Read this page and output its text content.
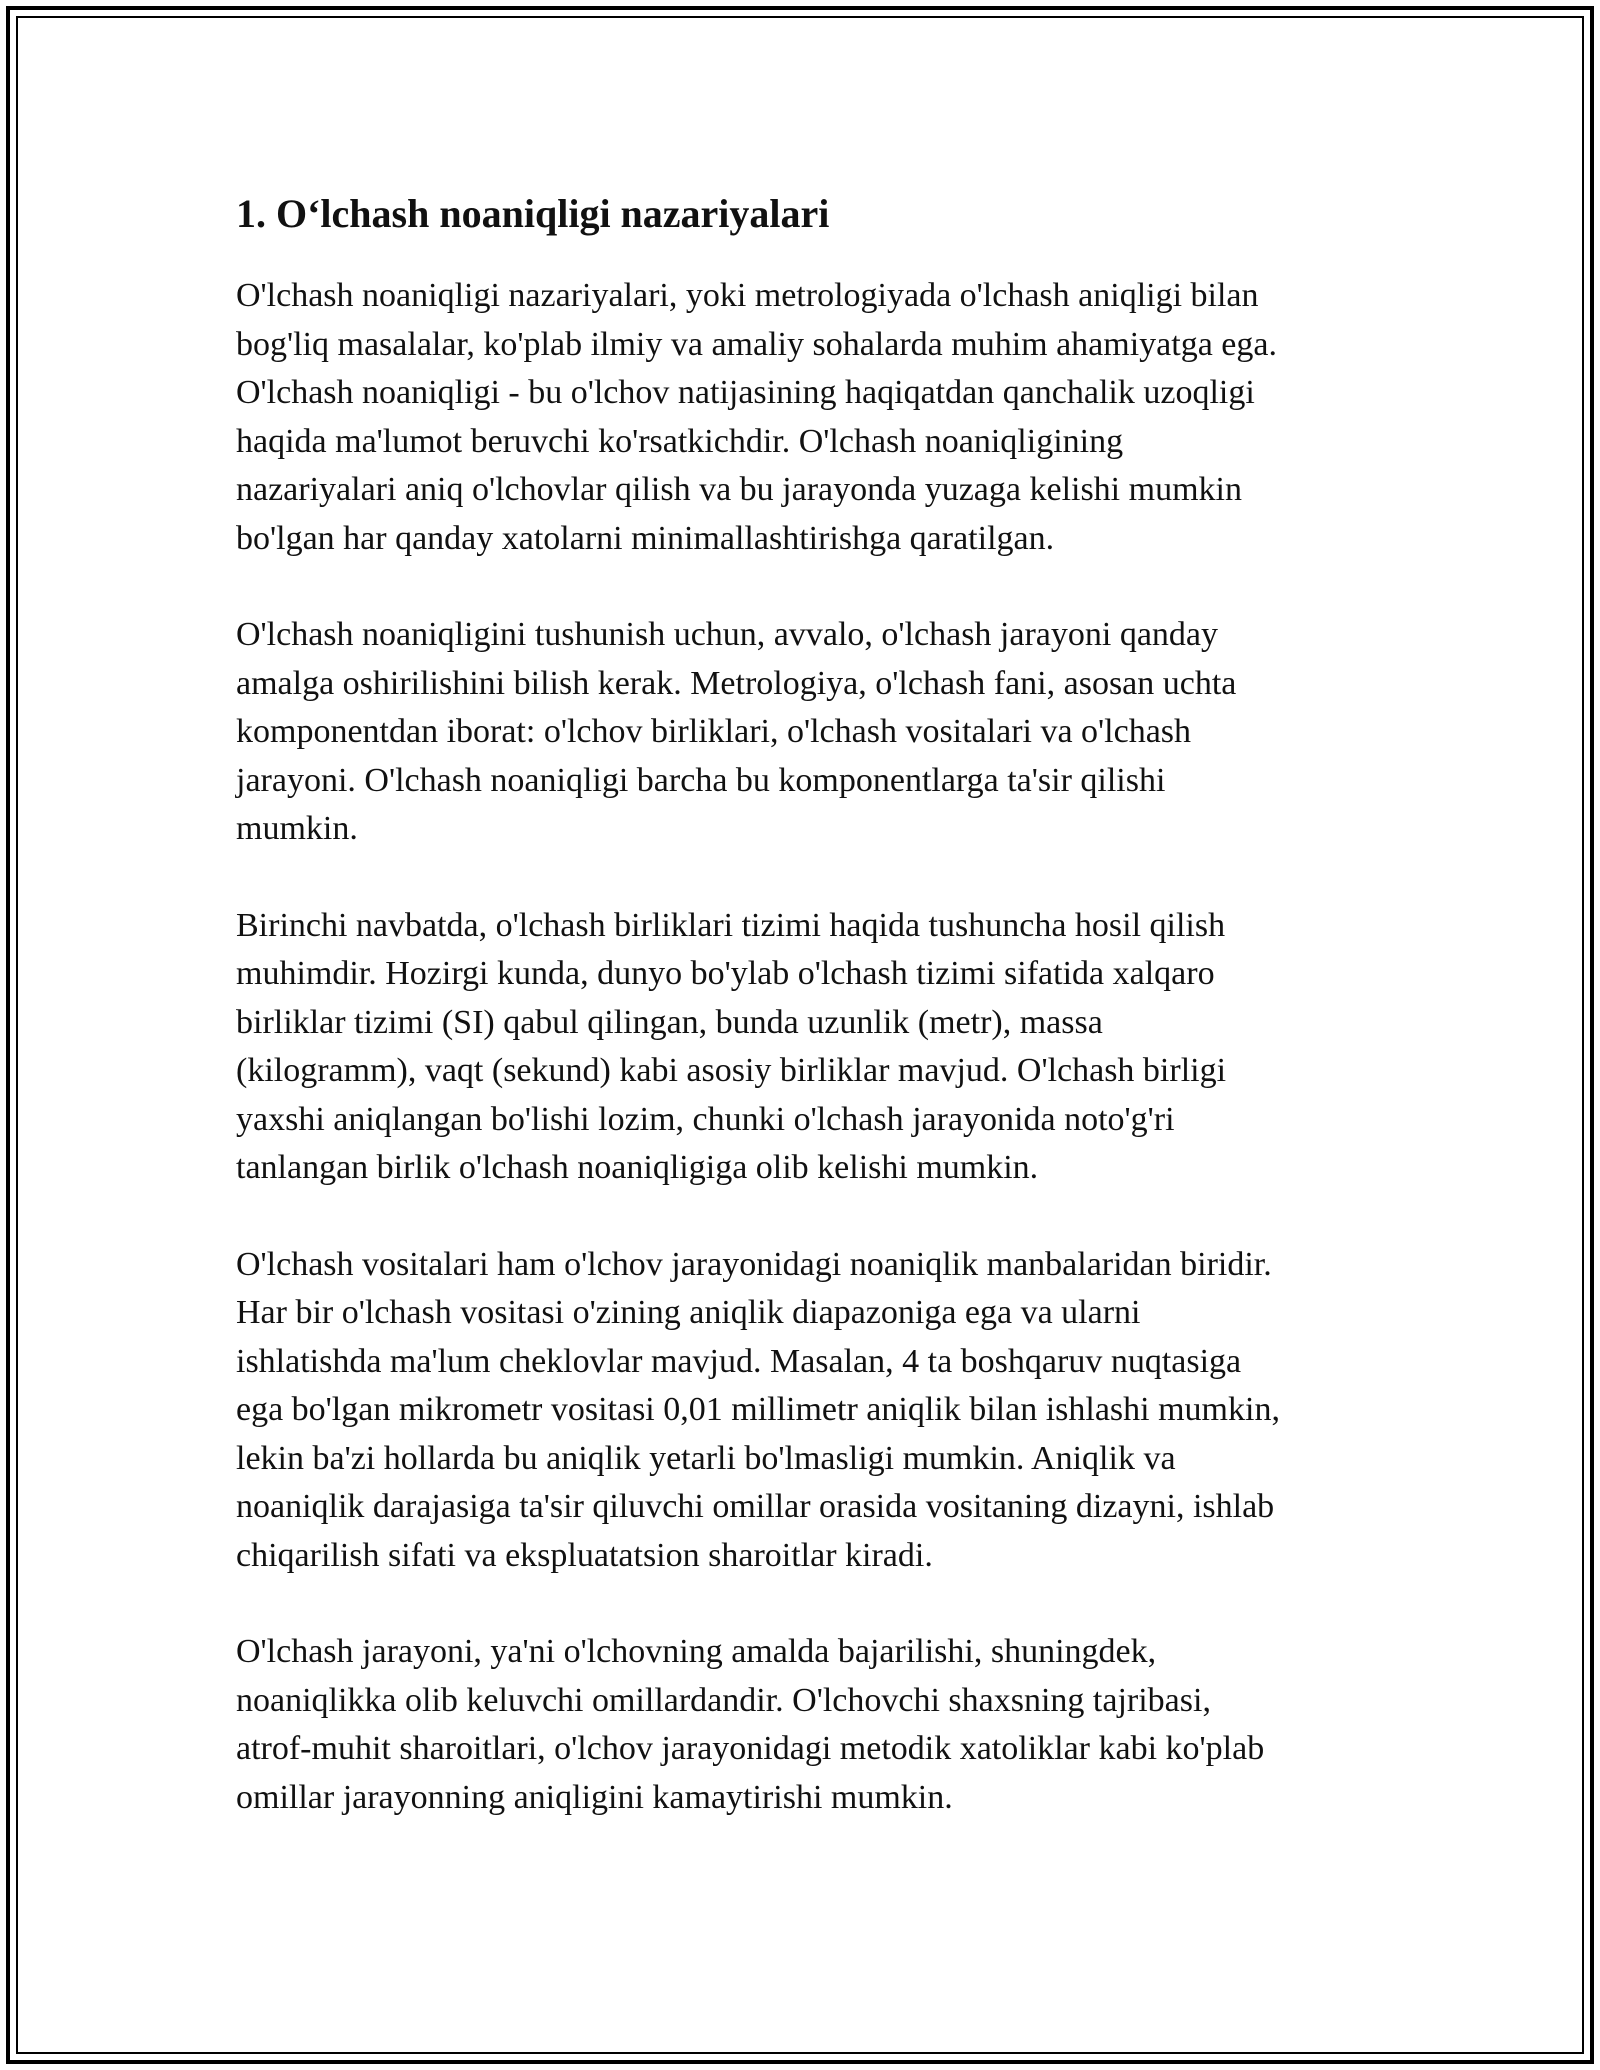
1. O‘lchash noaniqligi nazariyalari

O'lchash noaniqligi nazariyalari, yoki metrologiyada o'lchash aniqligi bilan
bog'liq masalalar, ko'plab ilmiy va amaliy sohalarda muhim ahamiyatga ega.
O'lchash noaniqligi - bu o'lchov natijasining haqiqatdan qanchalik uzoqligi
haqida ma'lumot beruvchi ko'rsatkichdir. O'lchash noaniqligining
nazariyalari aniq o'lchovlar qilish va bu jarayonda yuzaga kelishi mumkin
bo'lgan har qanday xatolarni minimallashtirishga qaratilgan.

O'lchash noaniqligini tushunish uchun, avvalo, o'lchash jarayoni qanday
amalga oshirilishini bilish kerak. Metrologiya, o'lchash fani, asosan uchta
komponentdan iborat: o'lchov birliklari, o'lchash vositalari va o'lchash
jarayoni. O'lchash noaniqligi barcha bu komponentlarga ta'sir qilishi
mumkin.

Birinchi navbatda, o'lchash birliklari tizimi haqida tushuncha hosil qilish
muhimdir. Hozirgi kunda, dunyo bo'ylab o'lchash tizimi sifatida xalqaro
birliklar tizimi (SI) qabul qilingan, bunda uzunlik (metr), massa
(kilogramm), vaqt (sekund) kabi asosiy birliklar mavjud. O'lchash birligi
yaxshi aniqlangan bo'lishi lozim, chunki o'lchash jarayonida noto'g'ri
tanlangan birlik o'lchash noaniqligiga olib kelishi mumkin.

O'lchash vositalari ham o'lchov jarayonidagi noaniqlik manbalaridan biridir.
Har bir o'lchash vositasi o'zining aniqlik diapazoniga ega va ularni
ishlatishda ma'lum cheklovlar mavjud. Masalan, 4 ta boshqaruv nuqtasiga
ega bo'lgan mikrometr vositasi 0,01 millimetr aniqlik bilan ishlashi mumkin,
lekin ba'zi hollarda bu aniqlik yetarli bo'lmasligi mumkin. Aniqlik va
noaniqlik darajasiga ta'sir qiluvchi omillar orasida vositaning dizayni, ishlab
chiqarilish sifati va ekspluatatsion sharoitlar kiradi.

O'lchash jarayoni, ya'ni o'lchovning amalda bajarilishi, shuningdek,
noaniqlikka olib keluvchi omillardandir. O'lchovchi shaxsning tajribasi,
atrof-muhit sharoitlari, o'lchov jarayonidagi metodik xatoliklar kabi ko'plab
omillar jarayonning aniqligini kamaytirishi mumkin.
